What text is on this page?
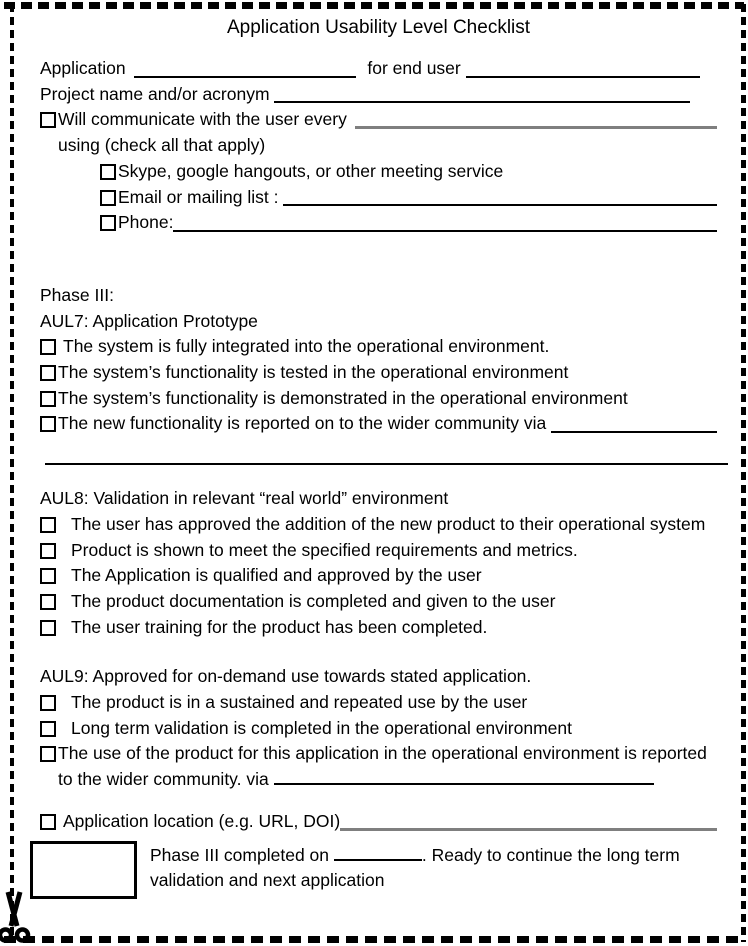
Application Usability Level Checklist
Application	for end user
Project name and/or acronym
Will communicate with the user every
using (check all that apply)
Skype, google hangouts, or other meeting service
Email or mailing list :
Phone:
Phase III:
AUL7: Application Prototype
The system is fully integrated into the operational environment.
The system’s functionality is tested in the operational environment
The system’s functionality is demonstrated in the operational environment
The new functionality is reported on to the wider community via
AUL8: Validation in relevant “real world” environment
The user has approved the addition of the new product to their operational system
Product is shown to meet the specified requirements and metrics.
The Application is qualified and approved by the user
The product documentation is completed and given to the user
The user training for the product has been completed.
AUL9: Approved for on-demand use towards stated application.
The product is in a sustained and repeated use by the user
Long term validation is completed in the operational environment
The use of the product for this application in the operational environment is reported to the wider community. via
Application location (e.g. URL, DOI)
Phase III completed on	. Ready to continue the long term validation and next application
